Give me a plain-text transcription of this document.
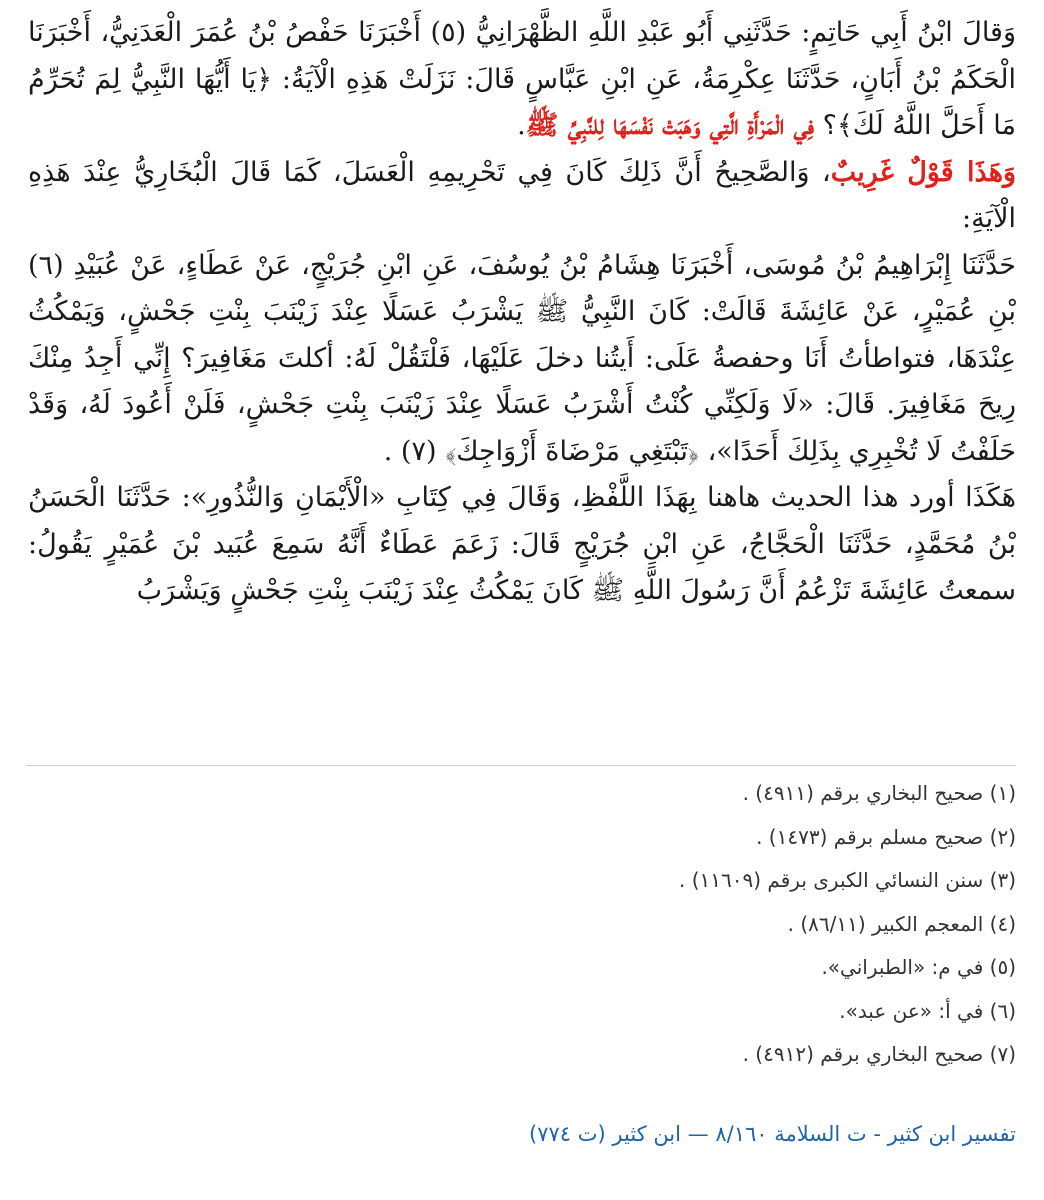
وَقالَ ابْنُ أَبِي حَاتِمٍ: حَدَّثَنِي أَبُو عَبْدِ اللَّهِ الظَّهْرَانِيُّ (٥) أَخْبَرَنَا حَفْصُ بْنُ عُمَرَ الْعَدَنِيُّ، أَخْبَرَنَا الْحَكَمُ بْنُ أَبَانٍ، حَدَّثَنَا عِكْرِمَةُ، عَنِ ابْنِ عَبَّاسٍ قَالَ: نَزَلَتْ هَذِهِ الْآيَةُ: ﴿يَا أَيُّهَا النَّبِيُّ لِمَ تُحَرِّمُ مَا أَحَلَّ اللَّهُ لَكَ﴾؟ فِي الْمَرْأَةِ الَّتِي وَهَبَتْ نَفْسَهَا لِلنَّبِيِّ ﷺ.

وَهَذَا قَوْلٌ غَرِيبٌ، وَالصَّحِيحُ أَنَّ ذَلِكَ كَانَ فِي تَحْرِيمِهِ الْعَسَلَ، كَمَا قَالَ الْبُخَارِيُّ عِنْدَ هَذِهِ الْآيَةِ:

حَدَّثَنَا إِبْرَاهِيمُ بْنُ مُوسَى، أَخْبَرَنَا هِشَامُ بْنُ يُوسُفَ، عَنِ ابْنِ جُرَيْجٍ، عَنْ عَطَاءٍ، عَنْ عُبَيْدِ (٦) بْنِ عُمَيْرٍ، عَنْ عَائِشَةَ قَالَتْ: كَانَ النَّبِيُّ ﷺ يَشْرَبُ عَسَلًا عِنْدَ زَيْنَبَ بِنْتِ جَحْشٍ، وَيَمْكُثُ عِنْدَهَا، فتواطأتُ أَنَا وحفصةُ عَلَى: أَيتُنا دخلَ عَلَيْهَا، فَلْتَقُلْ لَهُ: أكلتَ مَغَافِيرَ؟ إِنِّي أَجِدُ مِنْكَ رِيحَ مَغَافِيرَ. قَالَ: «لَا وَلَكِنِّي كُنْتُ أَشْرَبُ عَسَلًا عِنْدَ زَيْنَبَ بِنْتِ جَحْشٍ، فَلَنْ أَعُودَ لَهُ، وَقَدْ حَلَفْتُ لَا تُخْبِرِي بِذَلِكَ أَحَدًا»، ﴿تَبْتَغِي مَرْضَاةَ أَزْوَاجِكَ﴾ (٧) .

هَكَذَا أورد هذا الحديث هاهنا بِهَذَا اللَّفْظِ، وَقَالَ فِي كِتَابِ «الْأَيْمَانِ وَالنُّذُورِ»: حَدَّثَنَا الْحَسَنُ بْنُ مُحَمَّدٍ، حَدَّثَنَا الْحَجَّاجُ، عَنِ ابْنِ جُرَيْجٍ قَالَ: زَعَمَ عَطَاءٌ أَنَّهُ سَمِعَ عُبَيد بْنَ عُمَيْرٍ يَقُولُ: سمعتُ عَائِشَةَ تَزْعُمُ أَنَّ رَسُولَ اللَّهِ ﷺ كَانَ يَمْكُثُ عِنْدَ زَيْنَبَ بِنْتِ جَحْشٍ وَيَشْرَبُ

(١) صحيح البخاري برقم (٤٩١١) .
(٢) صحيح مسلم برقم (١٤٧٣) .
(٣) سنن النسائي الكبرى برقم (١١٦٠٩) .
(٤) المعجم الكبير (٨٦/١١) .
(٥) في م: «الطبراني».
(٦) في أ: «عن عبد».
(٧) صحيح البخاري برقم (٤٩١٢) .
تفسير ابن كثير - ت السلامة ٨/١٦٠ — ابن كثير (ت ٧٧٤)
